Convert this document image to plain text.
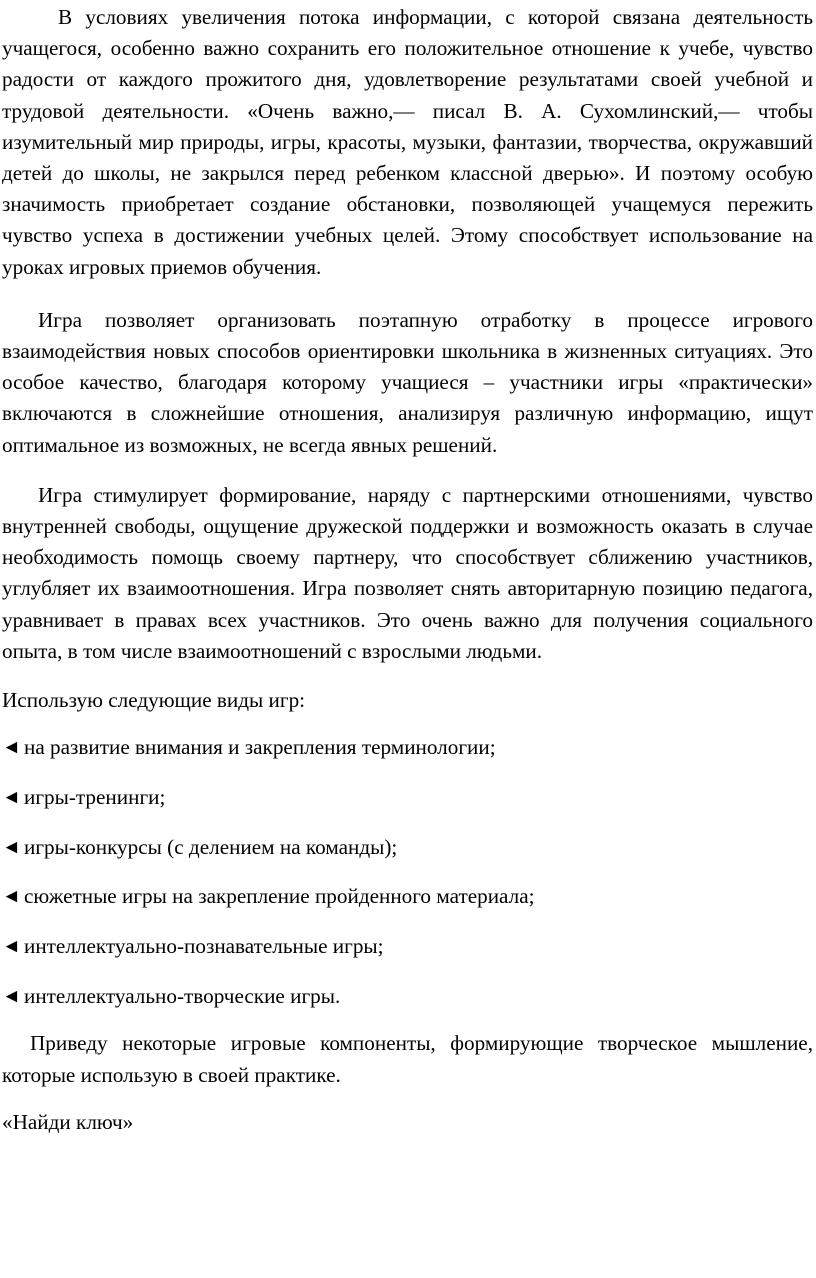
В условиях увеличения потока информации, с которой связана деятельность учащегося, особенно важно сохранить его положительное отношение к учебе, чувство радости от каждого прожитого дня, удовлетворение результатами своей учебной и трудовой деятельности. «Очень важно,— писал В. А. Сухомлинский,— чтобы изумительный мир природы, игры, красоты, музыки, фантазии, творчества, окружавший детей до школы, не закрылся перед ребенком классной дверью». И поэтому особую значимость приобретает создание обстановки, позволяющей учащемуся пережить чувство успеха в достижении учебных целей. Этому способствует использование на уроках игровых приемов обучения.

Игра позволяет организовать поэтапную отработку в процессе игрового взаимодействия новых способов ориентировки школьника в жизненных ситуациях. Это особое качество, благодаря которому учащиеся – участники игры «практически» включаются в сложнейшие отношения, анализируя различную информацию, ищут оптимальное из возможных, не всегда явных решений.

Игра стимулирует формирование, наряду с партнерскими отношениями, чувство внутренней свободы, ощущение дружеской поддержки и возможность оказать в случае необходимость помощь своему партнеру, что способствует сближению участников, углубляет их взаимоотношения. Игра позволяет снять авторитарную позицию педагога, уравнивает в правах всех участников. Это очень важно для получения социального опыта, в том числе взаимоотношений с взрослыми людьми.

Использую следующие виды игр:

◄ на развитие внимания и закрепления терминологии;
◄ игры-тренинги;
◄ игры-конкурсы (с делением на команды);
◄ сюжетные игры на закрепление пройденного материала;
◄ интеллектуально-познавательные игры;
◄ интеллектуально-творческие игры.

Приведу некоторые игровые компоненты, формирующие творческое мышление, которые использую в своей практике.

«Найди ключ»
